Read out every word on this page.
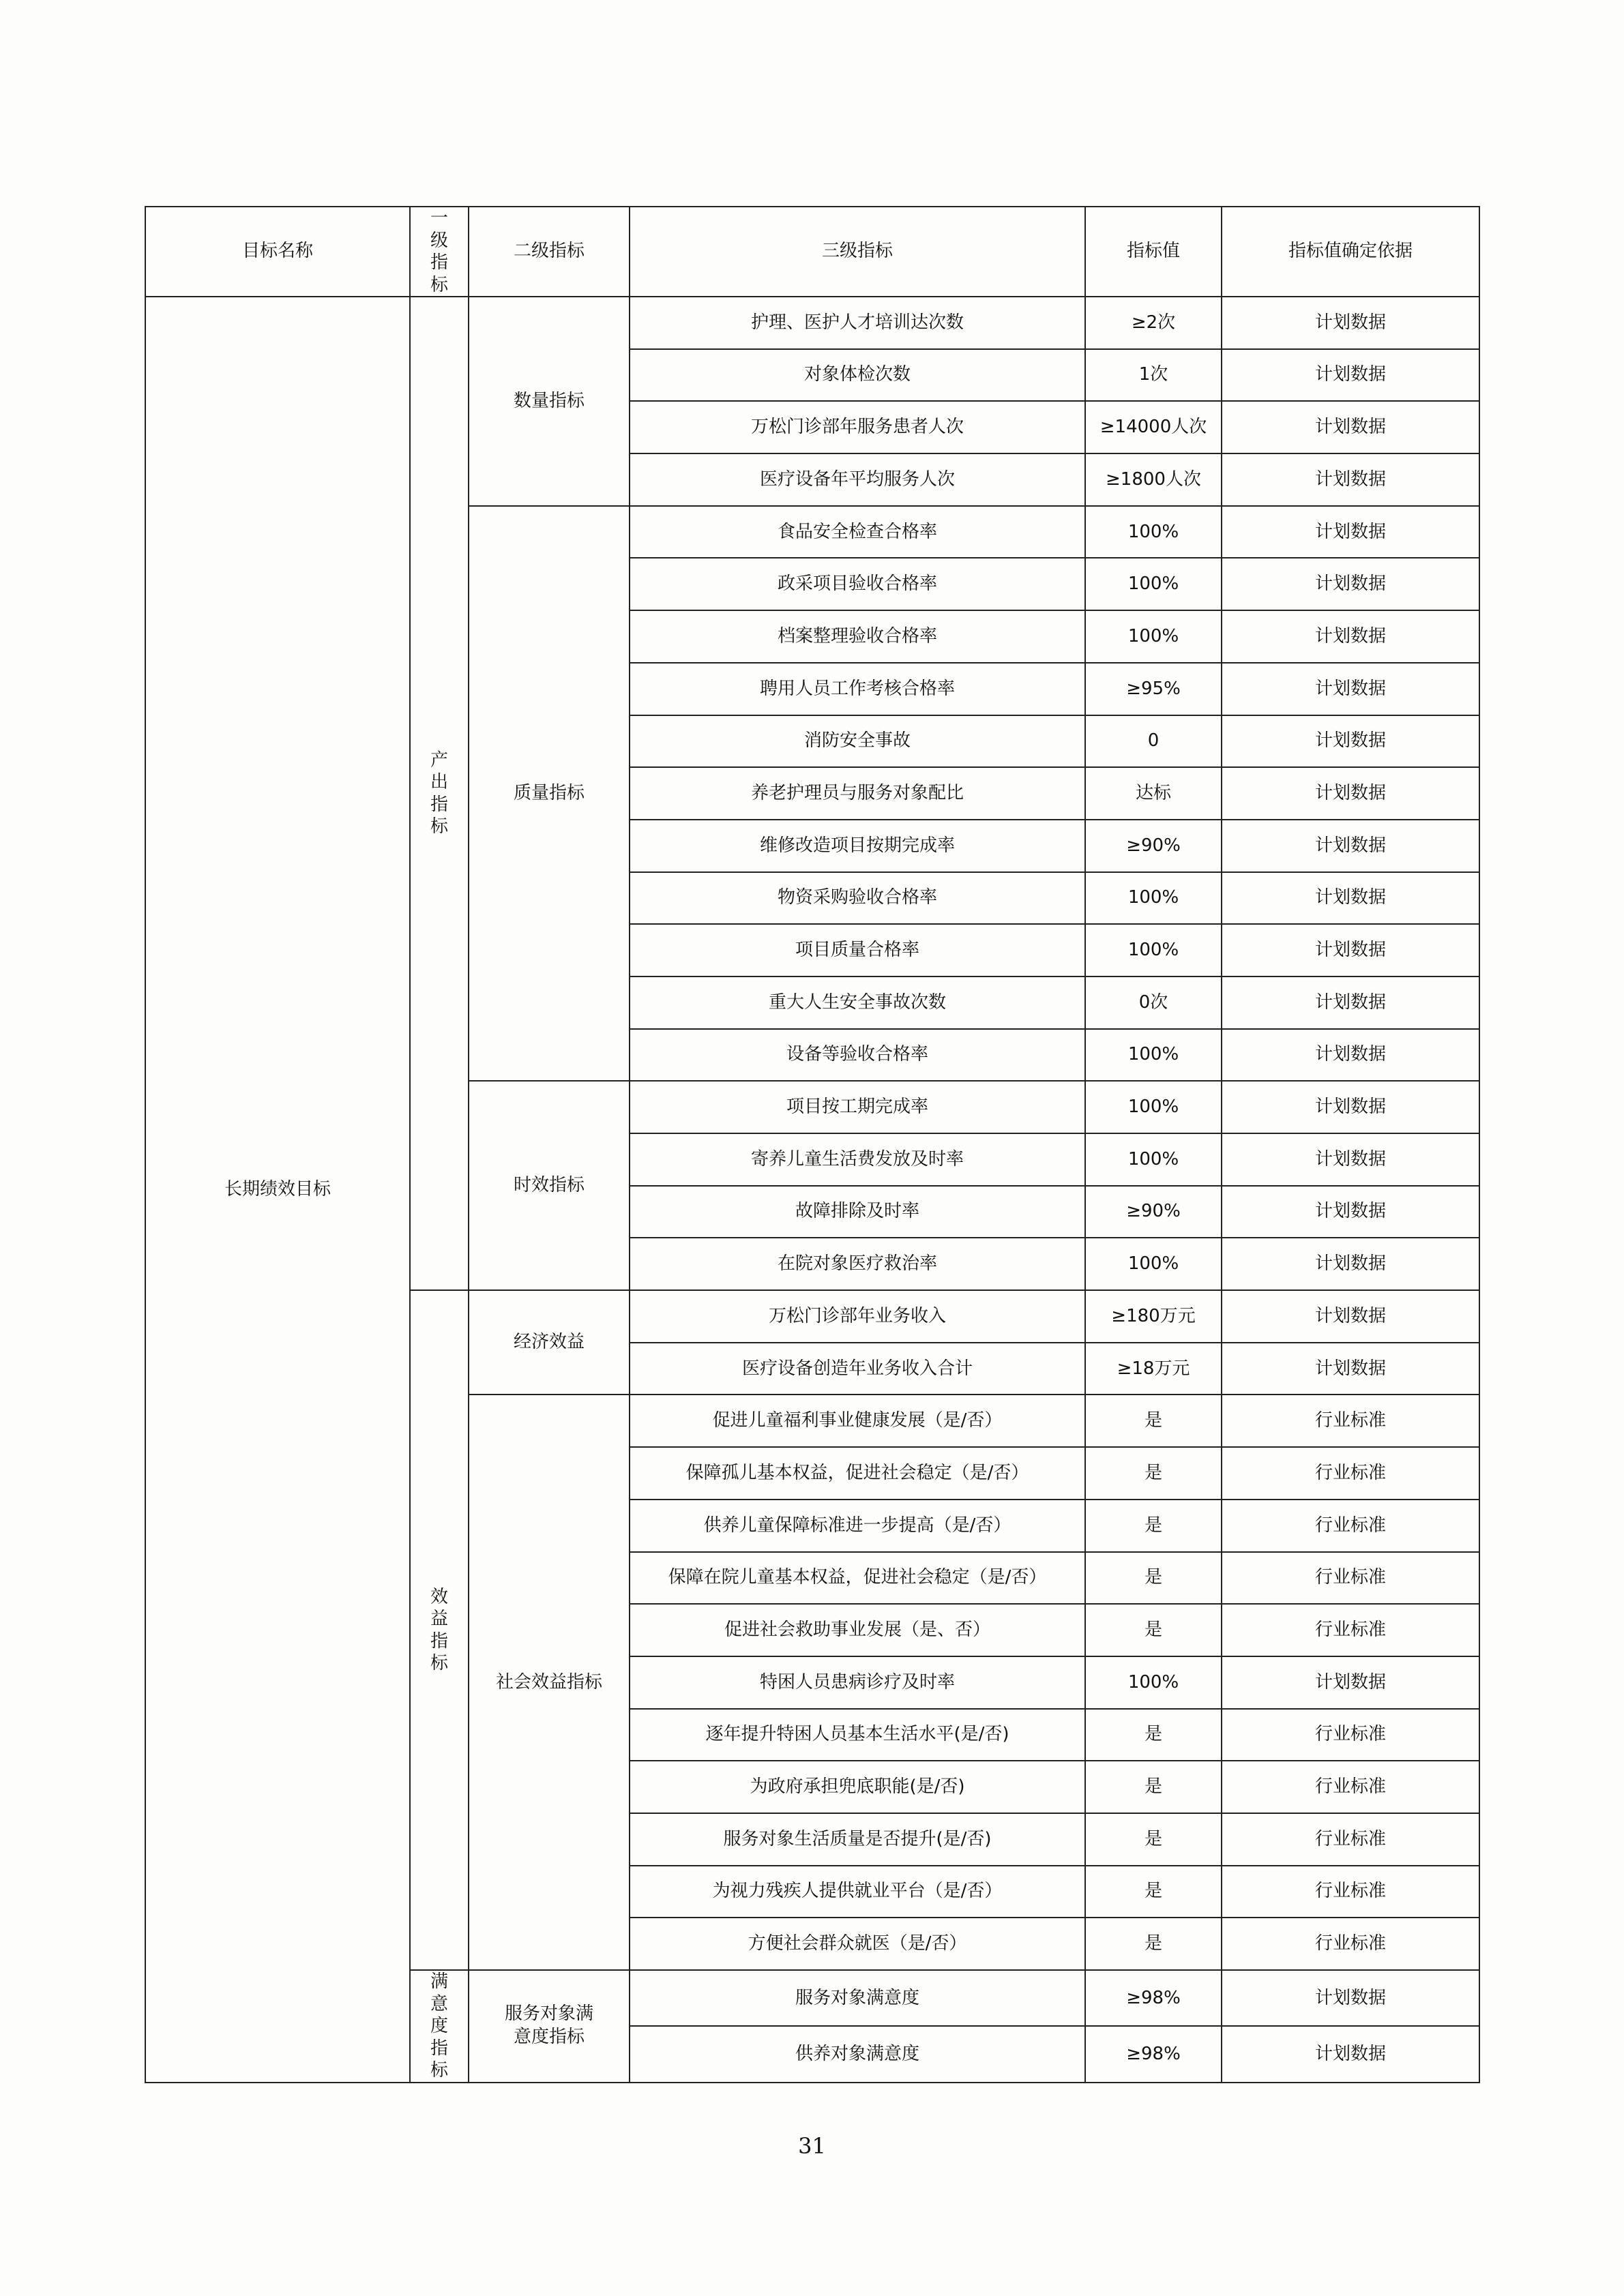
目标名称	一级指标	二级指标	三级指标	指标值	指标值确定依据
长期绩效目标	产出指标	数量指标	护理、医护人才培训达次数	≥2次	计划数据
			对象体检次数	1次	计划数据
			万松门诊部年服务患者人次	≥14000人次	计划数据
			医疗设备年平均服务人次	≥1800人次	计划数据
		质量指标	食品安全检查合格率	100%	计划数据
			政采项目验收合格率	100%	计划数据
			档案整理验收合格率	100%	计划数据
			聘用人员工作考核合格率	≥95%	计划数据
			消防安全事故	0	计划数据
			养老护理员与服务对象配比	达标	计划数据
			维修改造项目按期完成率	≥90%	计划数据
			物资采购验收合格率	100%	计划数据
			项目质量合格率	100%	计划数据
			重大人生安全事故次数	0次	计划数据
			设备等验收合格率	100%	计划数据
		时效指标	项目按工期完成率	100%	计划数据
			寄养儿童生活费发放及时率	100%	计划数据
			故障排除及时率	≥90%	计划数据
			在院对象医疗救治率	100%	计划数据
	效益指标	经济效益	万松门诊部年业务收入	≥180万元	计划数据
			医疗设备创造年业务收入合计	≥18万元	计划数据
		社会效益指标	促进儿童福利事业健康发展（是/否）	是	行业标准
			保障孤儿基本权益，促进社会稳定（是/否）	是	行业标准
			供养儿童保障标准进一步提高（是/否）	是	行业标准
			保障在院儿童基本权益，促进社会稳定（是/否）	是	行业标准
			促进社会救助事业发展（是、否）	是	行业标准
			特困人员患病诊疗及时率	100%	计划数据
			逐年提升特困人员基本生活水平(是/否)	是	行业标准
			为政府承担兜底职能(是/否)	是	行业标准
			服务对象生活质量是否提升(是/否)	是	行业标准
			为视力残疾人提供就业平台（是/否）	是	行业标准
			方便社会群众就医（是/否）	是	行业标准
	满意度指标	服务对象满意度指标	服务对象满意度	≥98%	计划数据
			供养对象满意度	≥98%	计划数据
31
